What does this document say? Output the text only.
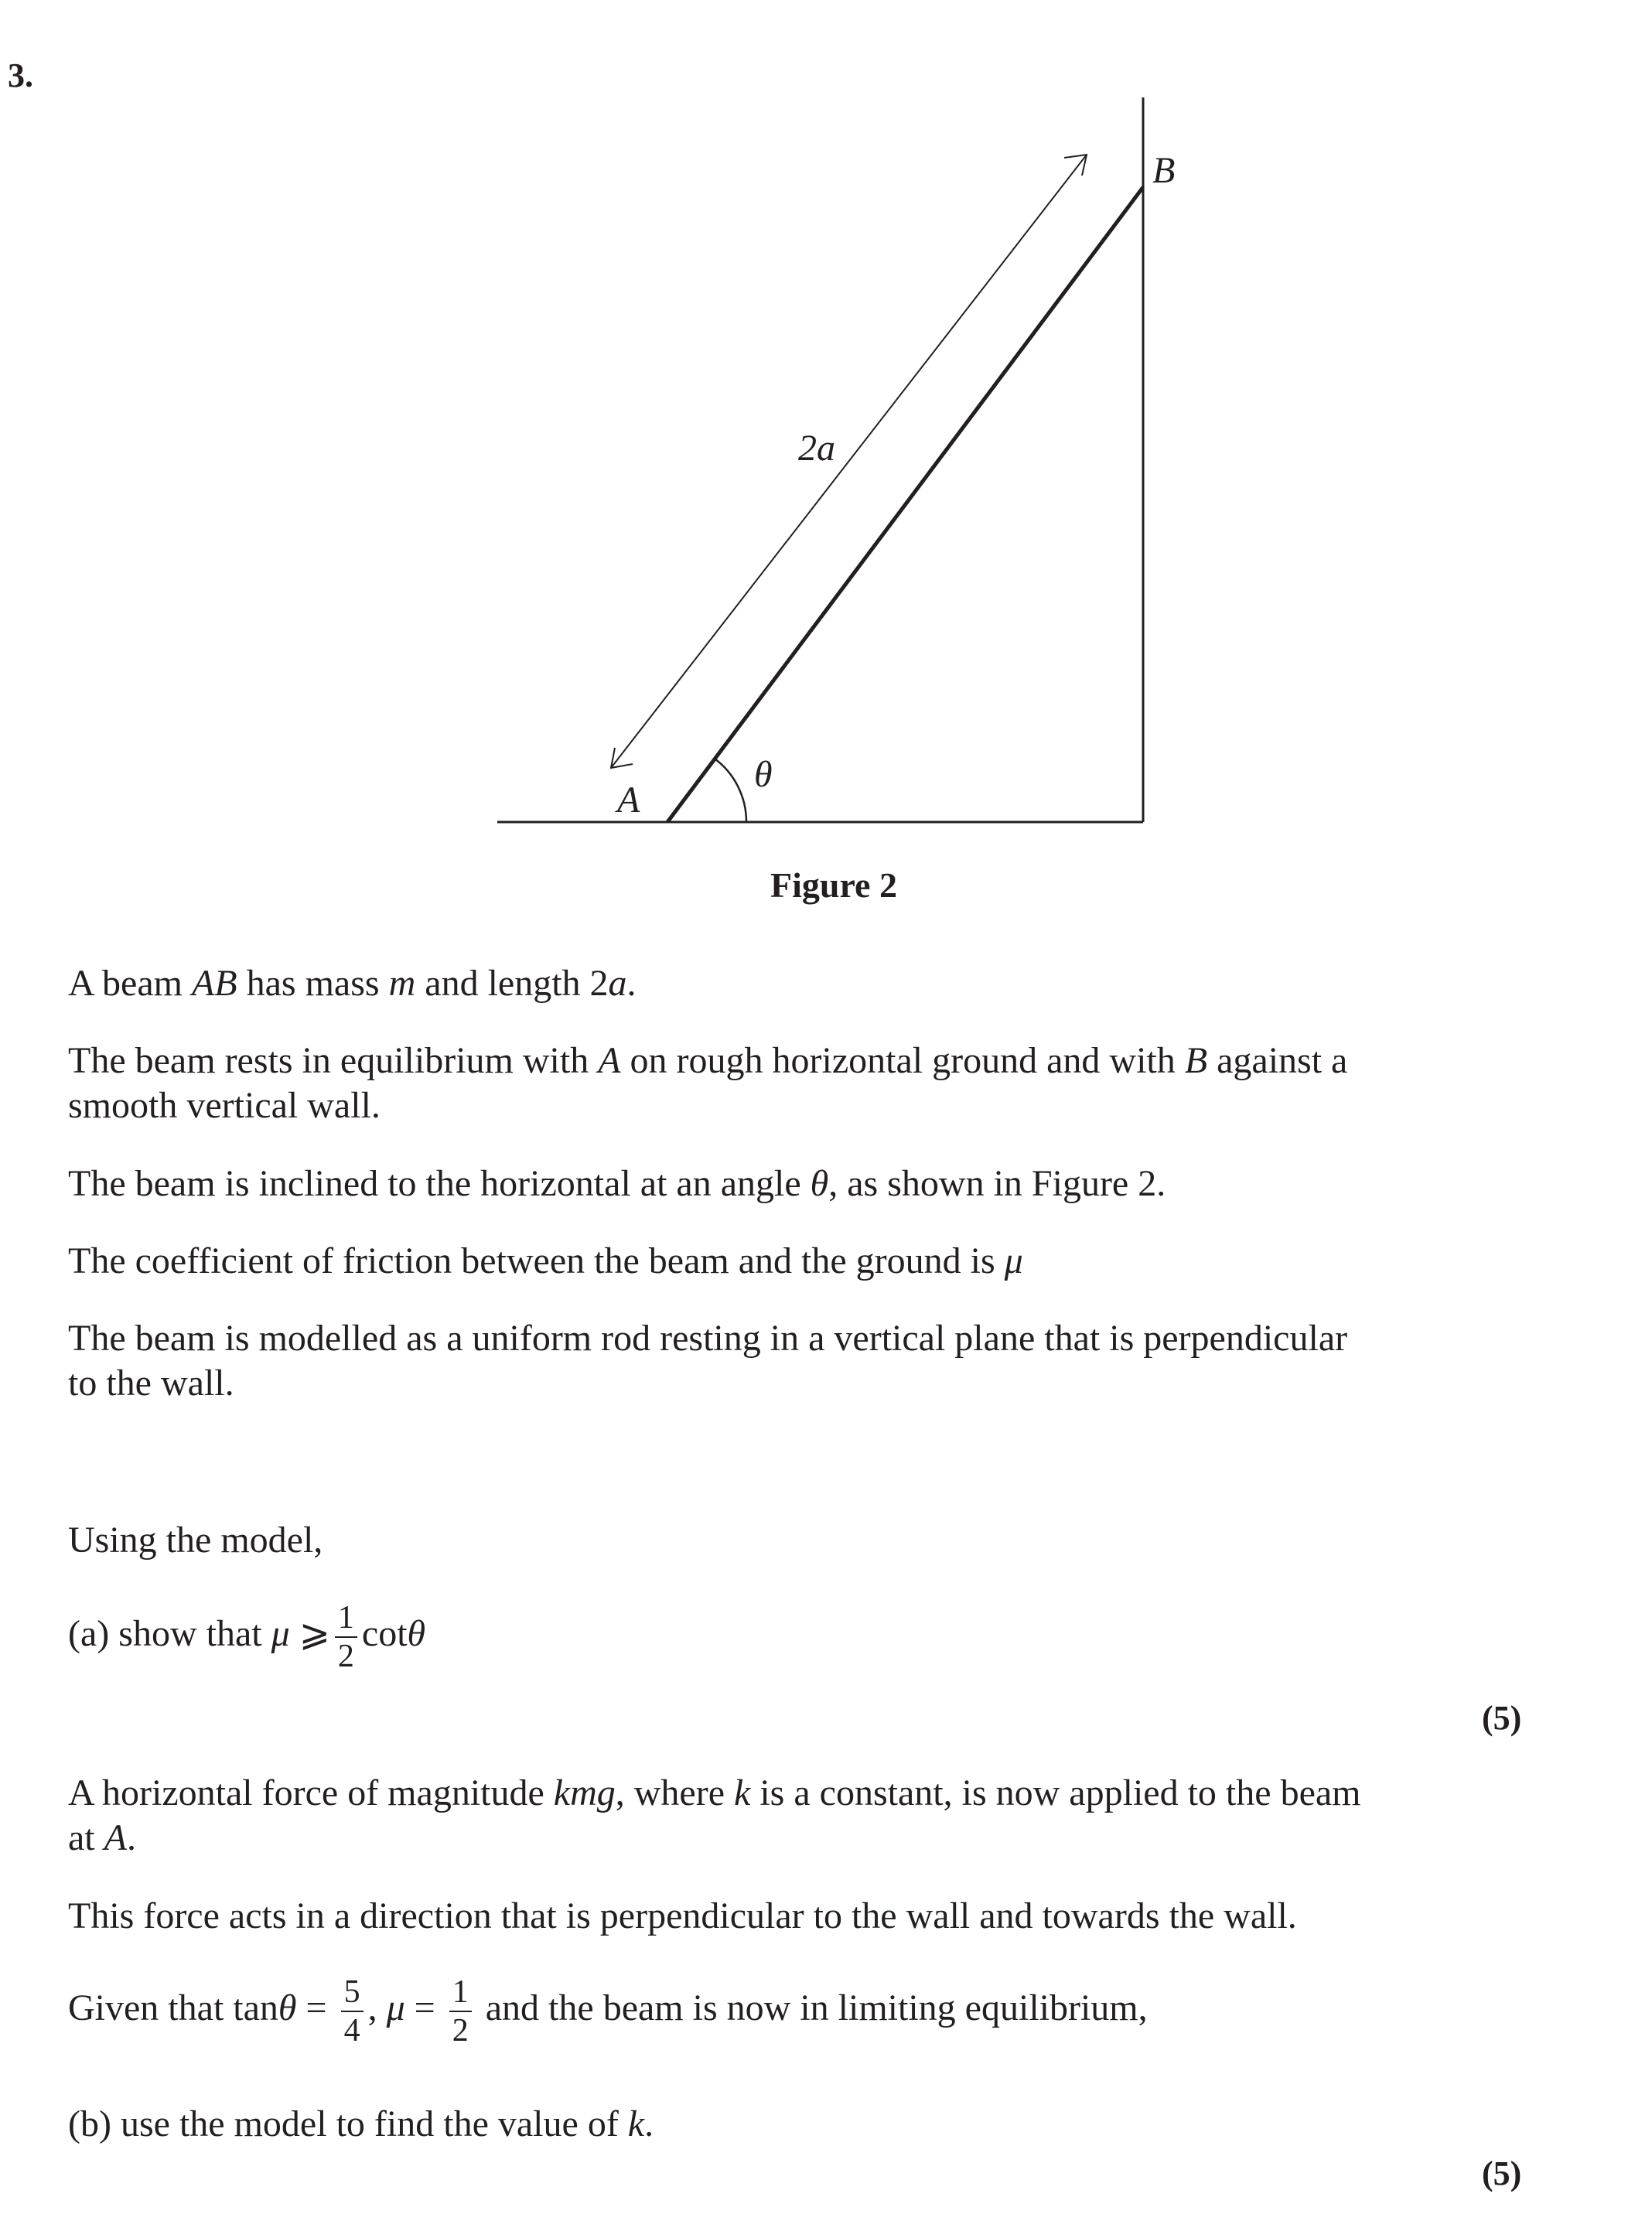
3.
A
B
2a
θ
Figure 2
A beam AB has mass m and length 2a.
The beam rests in equilibrium with A on rough horizontal ground and with B against a
smooth vertical wall.
The beam is inclined to the horizontal at an angle θ, as shown in Figure 2.
The coefficient of friction between the beam and the ground is μ
The beam is modelled as a uniform rod resting in a vertical plane that is perpendicular
to the wall.
Using the model,
(a) show that μ ⩾ $\frac{1}{2}$ cotθ
(5)
A horizontal force of magnitude kmg, where k is a constant, is now applied to the beam
at A.
This force acts in a direction that is perpendicular to the wall and towards the wall.
Given that $\tan\theta = \frac{5}{4}$ , $\mu = \frac{1}{2}$ and the beam is now in limiting equilibrium,
(b) use the model to find the value of k.
(5)
